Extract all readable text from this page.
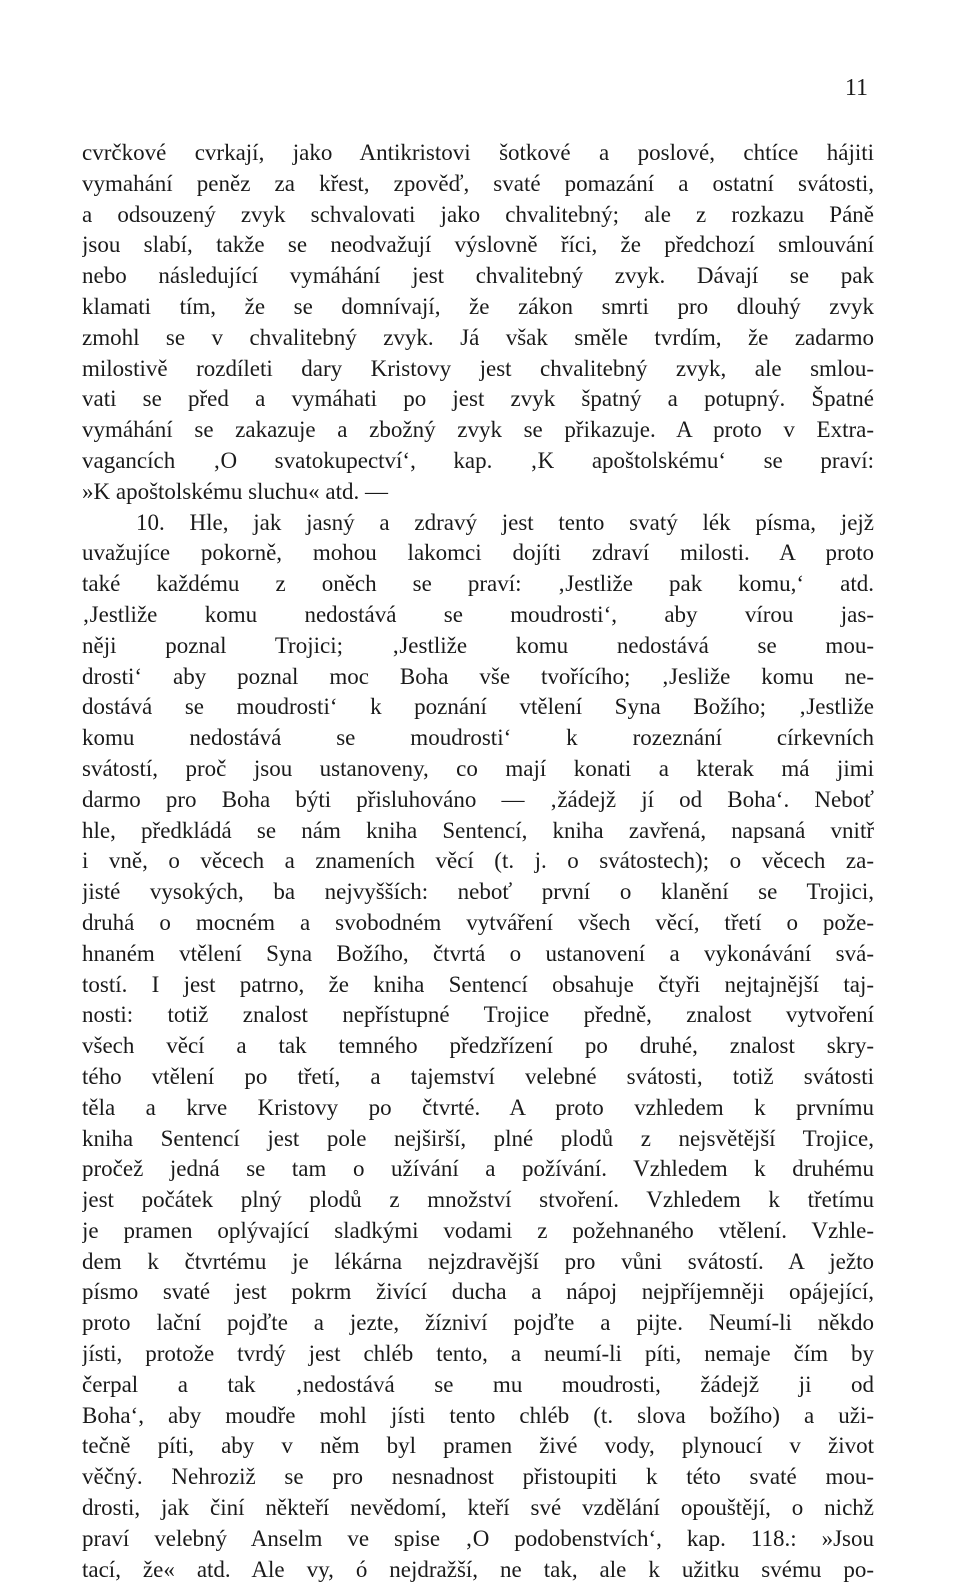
11
cvrčkové cvrkají, jako Antikristovi šotkové a poslové, chtíce hájiti
vymahání peněz za křest, zpověď, svaté pomazání a ostatní svátosti,
a odsouzený zvyk schvalovati jako chvalitebný; ale z rozkazu Páně
jsou slabí, takže se neodvažují výslovně říci, že předchozí smlouvání
nebo následující vymáhání jest chvalitebný zvyk. Dávají se pak
klamati tím, že se domnívají, že zákon smrti pro dlouhý zvyk
zmohl se v chvalitebný zvyk. Já však směle tvrdím, že zadarmo
milostivě rozdíleti dary Kristovy jest chvalitebný zvyk, ale smlou-
vati se před a vymáhati po jest zvyk špatný a potupný. Špatné
vymáhání se zakazuje a zbožný zvyk se přikazuje. A proto v Extra-
vagancích ‚O svatokupectví‘, kap. ‚K apoštolskému‘ se praví:
»K apoštolskému sluchu« atd. —
10. Hle, jak jasný a zdravý jest tento svatý lék písma, jejž
uvažujíce pokorně, mohou lakomci dojíti zdraví milosti. A proto
také každému z oněch se praví: ‚Jestliže pak komu,‘ atd.
‚Jestliže komu nedostává se moudrosti‘, aby vírou jas-
něji poznal Trojici; ‚Jestliže komu nedostává se mou-
drosti‘ aby poznal moc Boha vše tvořícího; ‚Jesliže komu ne-
dostává se moudrosti‘ k poznání vtělení Syna Božího; ‚Jestliže
komu nedostává se moudrosti‘ k rozeznání církevních
svátostí, proč jsou ustanoveny, co mají konati a kterak má jimi
darmo pro Boha býti přisluhováno — ‚žádejž jí od Boha‘. Neboť
hle, předkládá se nám kniha Sentencí, kniha zavřená, napsaná vnitř
i vně, o věcech a znameních věcí (t. j. o svátostech); o věcech za-
jisté vysokých, ba nejvyšších: neboť první o klanění se Trojici,
druhá o mocném a svobodném vytváření všech věcí, třetí o pože-
hnaném vtělení Syna Božího, čtvrtá o ustanovení a vykonávání svá-
tostí. I jest patrno, že kniha Sentencí obsahuje čtyři nejtajnější taj-
nosti: totiž znalost nepřístupné Trojice předně, znalost vytvoření
všech věcí a tak temného předzřízení po druhé, znalost skry-
tého vtělení po třetí, a tajemství velebné svátosti, totiž svátosti
těla a krve Kristovy po čtvrté. A proto vzhledem k prvnímu
kniha Sentencí jest pole nejširší, plné plodů z nejsvětější Trojice,
pročež jedná se tam o užívání a požívání. Vzhledem k druhému
jest počátek plný plodů z množství stvoření. Vzhledem k třetímu
je pramen oplývající sladkými vodami z požehnaného vtělení. Vzhle-
dem k čtvrtému je lékárna nejzdravější pro vůni svátostí. A ježto
písmo svaté jest pokrm živící ducha a nápoj nejpříjemněji opájející,
proto lační pojďte a jezte, žízniví pojďte a pijte. Neumí-li někdo
jísti, protože tvrdý jest chléb tento, a neumí-li píti, nemaje čím by
čerpal a tak ‚nedostává se mu moudrosti, žádejž ji od
Boha‘, aby moudře mohl jísti tento chléb (t. slova božího) a uži-
tečně píti, aby v něm byl pramen živé vody, plynoucí v život
věčný. Nehroziž se pro nesnadnost přistoupiti k této svaté mou-
drosti, jak činí někteří nevědomí, kteří své vzdělání opouštějí, o nichž
praví velebný Anselm ve spise ‚O podobenstvích‘, kap. 118.: »Jsou
tací, že« atd. Ale vy, ó nejdražší, ne tak, ale k užitku svému po-
